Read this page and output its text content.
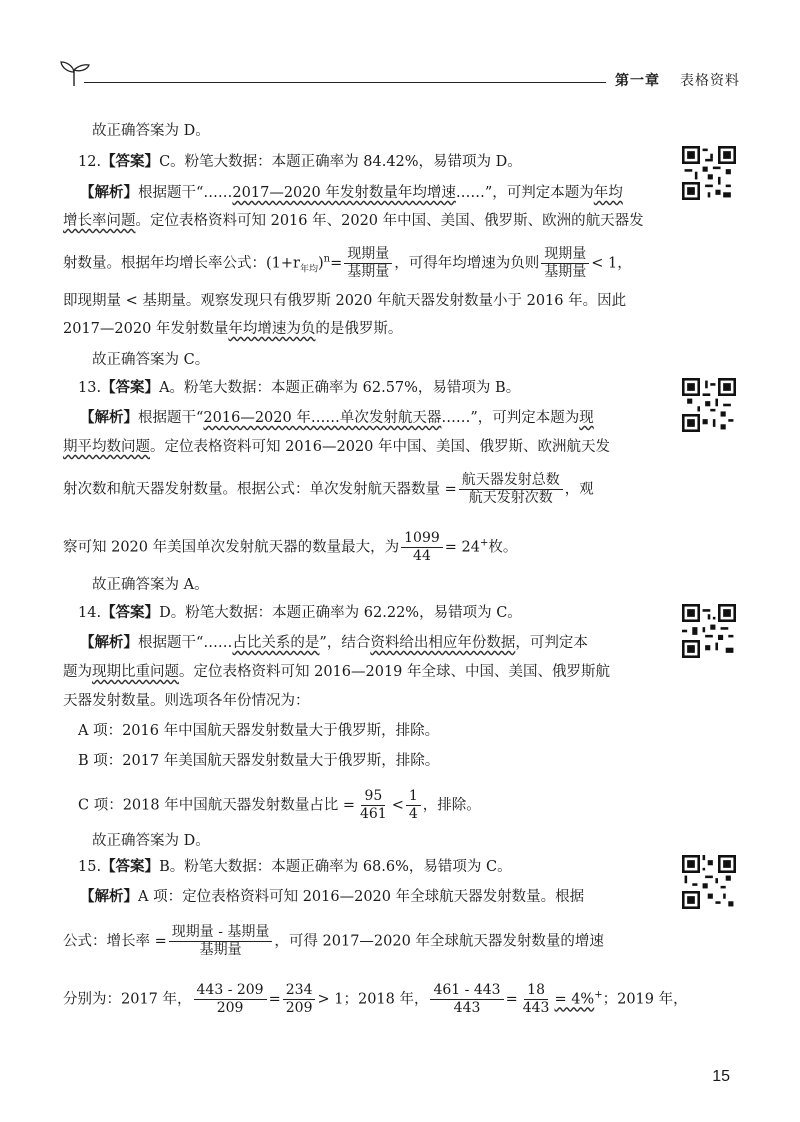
第一章 表格资料
故正确答案为 D。
12.【答案】C。粉笔大数据：本题正确率为 84.42%，易错项为 D。
【解析】根据题干“……2017—2020 年发射数量年均增速……”，可判定本题为年均
增长率问题。定位表格资料可知 2016 年、2020 年中国、美国、俄罗斯、欧洲的航天器发
射数量。根据年均增长率公式：$(1+r_{年均})^n= \frac{\text{现期量}}{\text{基期量}}$ ，可得年均增速为负则 $\frac{\text{现期量}}{\text{基期量}} < 1$，
即现期量 < 基期量。观察发现只有俄罗斯 2020 年航天器发射数量小于 2016 年。因此
2017—2020 年发射数量年均增速为负的是俄罗斯。
故正确答案为 C。
13.【答案】A。粉笔大数据：本题正确率为 62.57%，易错项为 B。
【解析】根据题干“2016—2020 年……单次发射航天器……”，可判定本题为现
期平均数问题。定位表格资料可知 2016—2020 年中国、美国、俄罗斯、欧洲航天发
射次数和航天器发射数量。根据公式：单次发射航天器数量 = $\frac{\text{航天器发射总数}}{\text{航天发射次数}}$ ，观
察可知 2020 年美国单次发射航天器的数量最大，为 $\frac{1099}{44} = 24^+$枚。
故正确答案为 A。
14.【答案】D。粉笔大数据：本题正确率为 62.22%，易错项为 C。
【解析】根据题干“……占比关系的是”，结合资料给出相应年份数据，可判定本
题为现期比重问题。定位表格资料可知 2016—2019 年全球、中国、美国、俄罗斯航
天器发射数量。则选项各年份情况为：
A 项：2016 年中国航天器发射数量大于俄罗斯，排除。
B 项：2017 年美国航天器发射数量大于俄罗斯，排除。
C 项：2018 年中国航天器发射数量占比 = $\frac{95}{461} < \frac{1}{4}$ ，排除。
故正确答案为 D。
15.【答案】B。粉笔大数据：本题正确率为 68.6%，易错项为 C。
【解析】A 项：定位表格资料可知 2016—2020 年全球航天器发射数量。根据
公式：增长率 = $\frac{\text{现期量 - 基期量}}{\text{基期量}}$ ，可得 2017—2020 年全球航天器发射数量的增速
分别为：2017 年， $\frac{443 - 209}{209} = \frac{234}{209} > 1$；2018 年， $\frac{461 - 443}{443} = \frac{18}{443} = 4\%^+$；2019 年，
15
